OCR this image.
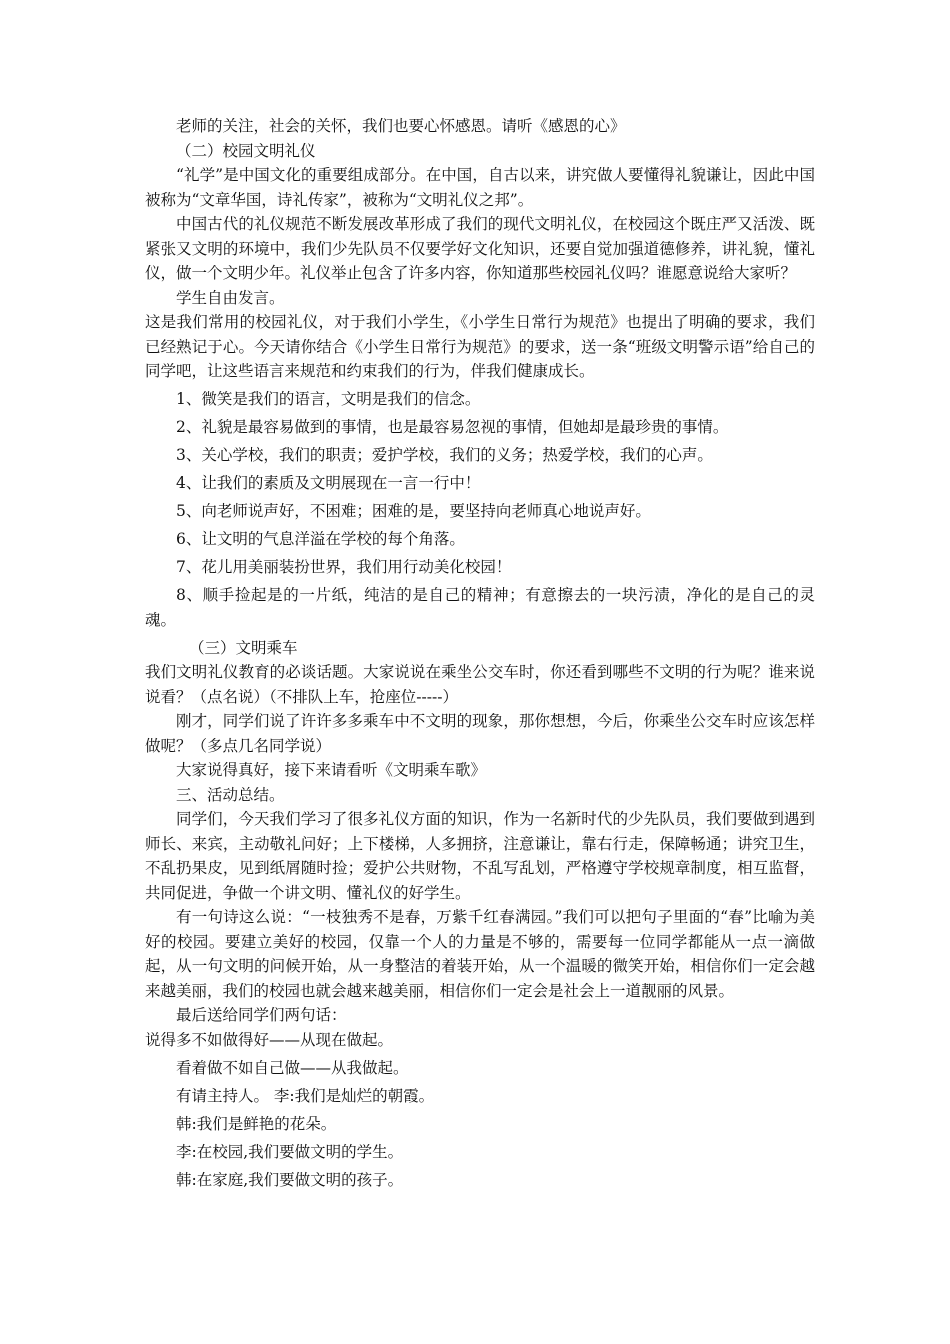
老师的关注，社会的关怀，我们也要心怀感恩。请听《感恩的心》

（二）校园文明礼仪

“礼学”是中国文化的重要组成部分。在中国，自古以来，讲究做人要懂得礼貌谦让，因此中国被称为“文章华国，诗礼传家”，被称为“文明礼仪之邦”。

中国古代的礼仪规范不断发展改革形成了我们的现代文明礼仪，在校园这个既庄严又活泼、既紧张又文明的环境中，我们少先队员不仅要学好文化知识，还要自觉加强道德修养，讲礼貌，懂礼仪，做一个文明少年。礼仪举止包含了许多内容，你知道那些校园礼仪吗？谁愿意说给大家听？

学生自由发言。

这是我们常用的校园礼仪，对于我们小学生，《小学生日常行为规范》也提出了明确的要求，我们已经熟记于心。今天请你结合《小学生日常行为规范》的要求，送一条“班级文明警示语”给自己的同学吧，让这些语言来规范和约束我们的行为，伴我们健康成长。

1、微笑是我们的语言，文明是我们的信念。

2、礼貌是最容易做到的事情，也是最容易忽视的事情，但她却是最珍贵的事情。

3、关心学校，我们的职责；爱护学校，我们的义务；热爱学校，我们的心声。

4、让我们的素质及文明展现在一言一行中！

5、向老师说声好，不困难；困难的是，要坚持向老师真心地说声好。

6、让文明的气息洋溢在学校的每个角落。

7、花儿用美丽装扮世界，我们用行动美化校园！

8、顺手捡起是的一片纸，纯洁的是自己的精神；有意擦去的一块污渍，净化的是自己的灵魂。

（三）文明乘车

我们文明礼仪教育的必谈话题。大家说说在乘坐公交车时，你还看到哪些不文明的行为呢？谁来说说看？（点名说）（不排队上车，抢座位-----）

刚才，同学们说了许许多多乘车中不文明的现象，那你想想，今后，你乘坐公交车时应该怎样做呢？（多点几名同学说）

大家说得真好，接下来请看听《文明乘车歌》

三、活动总结。

同学们，今天我们学习了很多礼仪方面的知识，作为一名新时代的少先队员，我们要做到遇到师长、来宾，主动敬礼问好；上下楼梯，人多拥挤，注意谦让，靠右行走，保障畅通；讲究卫生，不乱扔果皮，见到纸屑随时捡；爱护公共财物，不乱写乱划，严格遵守学校规章制度，相互监督，共同促进，争做一个讲文明、懂礼仪的好学生。

有一句诗这么说：“一枝独秀不是春，万紫千红春满园。”我们可以把句子里面的“春”比喻为美好的校园。要建立美好的校园，仅靠一个人的力量是不够的，需要每一位同学都能从一点一滴做起，从一句文明的问候开始，从一身整洁的着装开始，从一个温暖的微笑开始，相信你们一定会越来越美丽，我们的校园也就会越来越美丽，相信你们一定会是社会上一道靓丽的风景。

最后送给同学们两句话：

说得多不如做得好——从现在做起。

看着做不如自己做——从我做起。

有请主持人。 李:我们是灿烂的朝霞。

韩:我们是鲜艳的花朵。

李:在校园,我们要做文明的学生。

韩:在家庭,我们要做文明的孩子。
